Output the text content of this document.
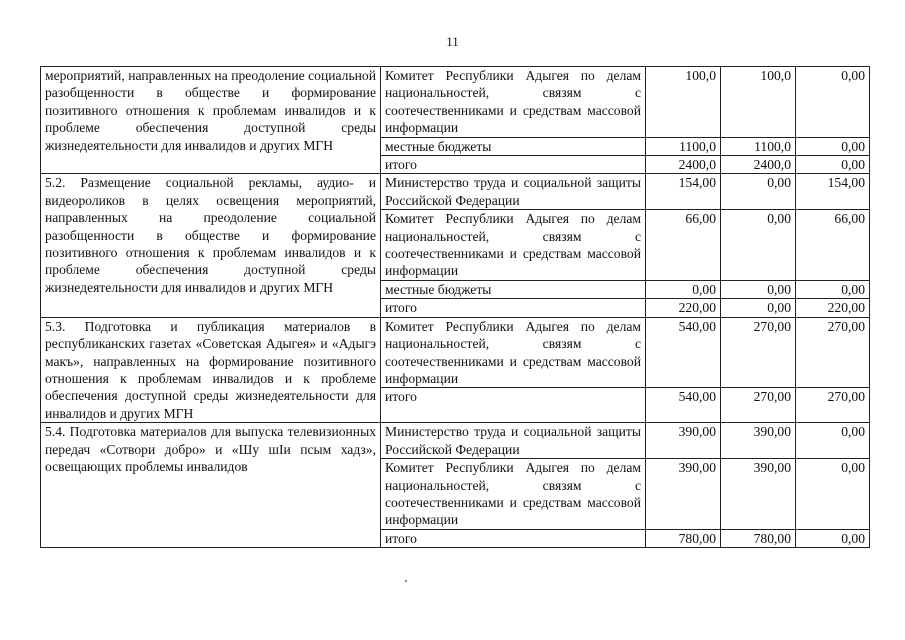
11
мероприятий, направленных на преодоление социальной разобщенности в обществе и формирование позитивного отношения к проблемам инвалидов и к проблеме обеспечения доступной среды жизнедеятельности для инвалидов и других МГН	Комитет Республики Адыгея по делам национальностей, связям с соотечественниками и средствам массовой информации	100,0	100,0	0,00
	местные бюджеты	1100,0	1100,0	0,00
	итого	2400,0	2400,0	0,00
5.2. Размещение социальной рекламы, аудио- и видеороликов в целях освещения мероприятий, направленных на преодоление социальной разобщенности в обществе и формирование позитивного отношения к проблемам инвалидов и к проблеме обеспечения доступной среды жизнедеятельности для инвалидов и других МГН	Министерство труда и социальной защиты Российской Федерации	154,00	0,00	154,00
	Комитет Республики Адыгея по делам национальностей, связям с соотечественниками и средствам массовой информации	66,00	0,00	66,00
	местные бюджеты	0,00	0,00	0,00
	итого	220,00	0,00	220,00
5.3. Подготовка и публикация материалов в республиканских газетах «Советская Адыгея» и «Адыгэ макъ», направленных на формирование позитивного отношения к проблемам инвалидов и к проблеме обеспечения доступной среды жизнедеятельности для инвалидов и других МГН	Комитет Республики Адыгея по делам национальностей, связям с соотечественниками и средствам массовой информации	540,00	270,00	270,00
	итого	540,00	270,00	270,00
5.4. Подготовка материалов для выпуска телевизионных передач «Сотвори добро» и «Шу шIи псым хадз», освещающих проблемы инвалидов	Министерство труда и социальной защиты Российской Федерации	390,00	390,00	0,00
	Комитет Республики Адыгея по делам национальностей, связям с соотечественниками и средствам массовой информации	390,00	390,00	0,00
	итого	780,00	780,00	0,00
